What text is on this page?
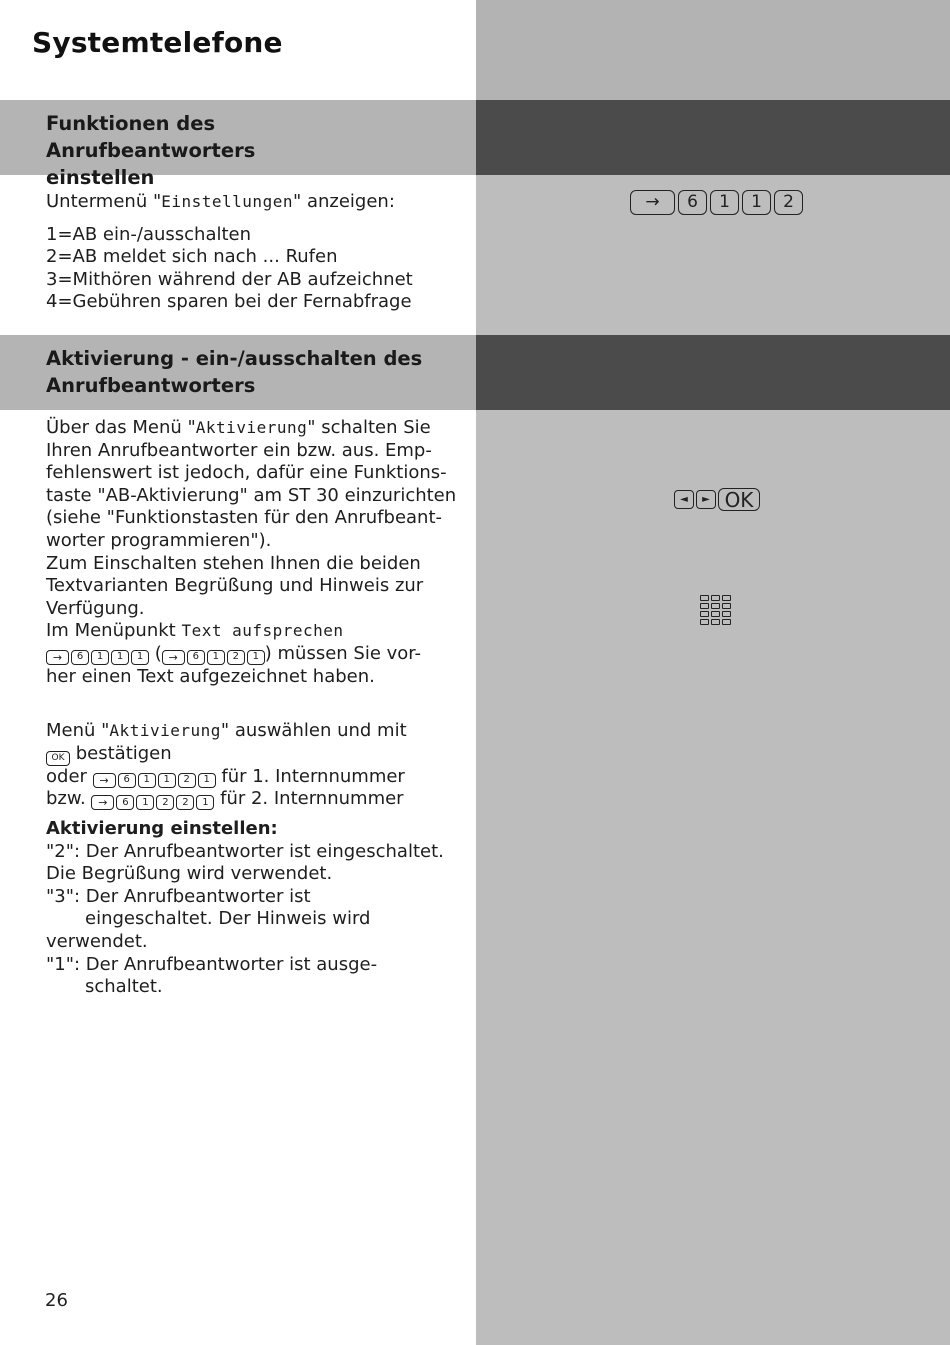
Systemtelefone
Funktionen des Anrufbeantworters
einstellen
Untermenü "Einstellungen" anzeigen:
1=AB ein-/ausschalten
2=AB meldet sich nach ... Rufen
3=Mithören während der AB aufzeichnet
4=Gebühren sparen bei der Fernabfrage
→	6	1	1	2
Aktivierung - ein-/ausschalten des
Anrufbeantworters
Über das Menü "Aktivierung" schalten Sie
Ihren Anrufbeantworter ein bzw. aus. Emp-
fehlenswert ist jedoch, dafür eine Funktions-
taste "AB-Aktivierung" am ST 30 einzurichten
(siehe "Funktionstasten für den Anrufbeant-
worter programmieren").
Zum Einschalten stehen Ihnen die beiden
Textvarianten Begrüßung und Hinweis zur
Verfügung.
Im Menüpunkt Text aufsprechen
→	6	1	1	1 ( →	6	1	2	1 ) müssen Sie vor-
her einen Text aufgezeichnet haben.
◄	► OK
Menü "Aktivierung" auswählen und mit
OK bestätigen
oder →	6	1	1	2	1 für 1. Internnummer
bzw. →	6	1	2	2	1 für 2. Internnummer
Aktivierung einstellen:
"2": Der Anrufbeantworter ist eingeschaltet.
Die Begrüßung wird verwendet.
"3": Der Anrufbeantworter ist
eingeschaltet. Der Hinweis wird
verwendet.
"1": Der Anrufbeantworter ist ausge-
schaltet.
26
